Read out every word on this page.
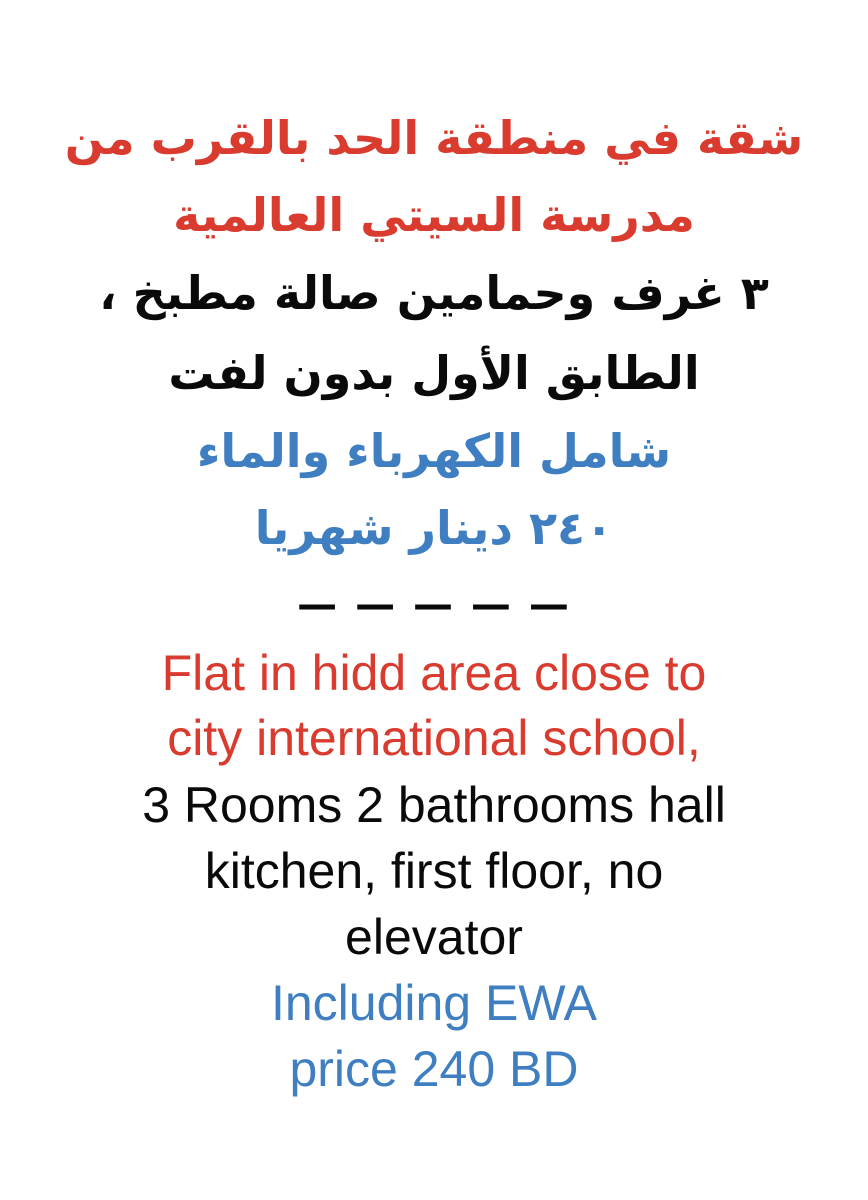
شقة في منطقة الحد بالقرب من
مدرسة السيتي العالمية
٣ غرف وحمامين صالة مطبخ ،
الطابق الأول بدون لفت
شامل الكهرباء والماء
٢٤٠ دينار شهريا
— — — — —
Flat in hidd area close to
city international school,
3 Rooms 2 bathrooms hall
kitchen, first floor, no
elevator
Including EWA
price 240 BD
